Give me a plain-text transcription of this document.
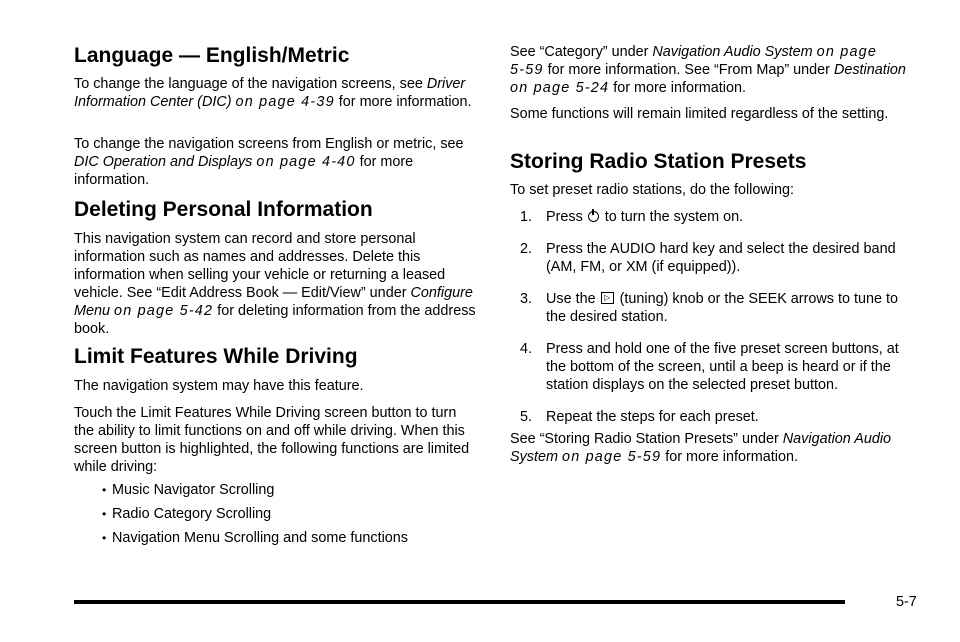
Language — English/Metric

To change the language of the navigation screens, see Driver Information Center (DIC) on page 4‑39 for more information.

To change the navigation screens from English or metric, see DIC Operation and Displays on page 4‑40 for more information.

Deleting Personal Information

This navigation system can record and store personal information such as names and addresses. Delete this information when selling your vehicle or returning a leased vehicle. See “Edit Address Book — Edit/View” under Configure Menu on page 5‑42 for deleting information from the address book.

Limit Features While Driving

The navigation system may have this feature.

Touch the Limit Features While Driving screen button to turn the ability to limit functions on and off while driving. When this screen button is highlighted, the following functions are limited while driving:

• Music Navigator Scrolling
• Radio Category Scrolling
• Navigation Menu Scrolling and some functions

See “Category” under Navigation Audio System on page 5‑59 for more information. See “From Map” under Destination on page 5‑24 for more information.

Some functions will remain limited regardless of the setting.

Storing Radio Station Presets

To set preset radio stations, do the following:

1. Press to turn the system on.
2. Press the AUDIO hard key and select the desired band (AM, FM, or XM (if equipped)).
3. Use the ▷ (tuning) knob or the SEEK arrows to tune to the desired station.
4. Press and hold one of the five preset screen buttons, at the bottom of the screen, until a beep is heard or if the station displays on the selected preset button.
5. Repeat the steps for each preset.

See “Storing Radio Station Presets” under Navigation Audio System on page 5‑59 for more information.

5-7
